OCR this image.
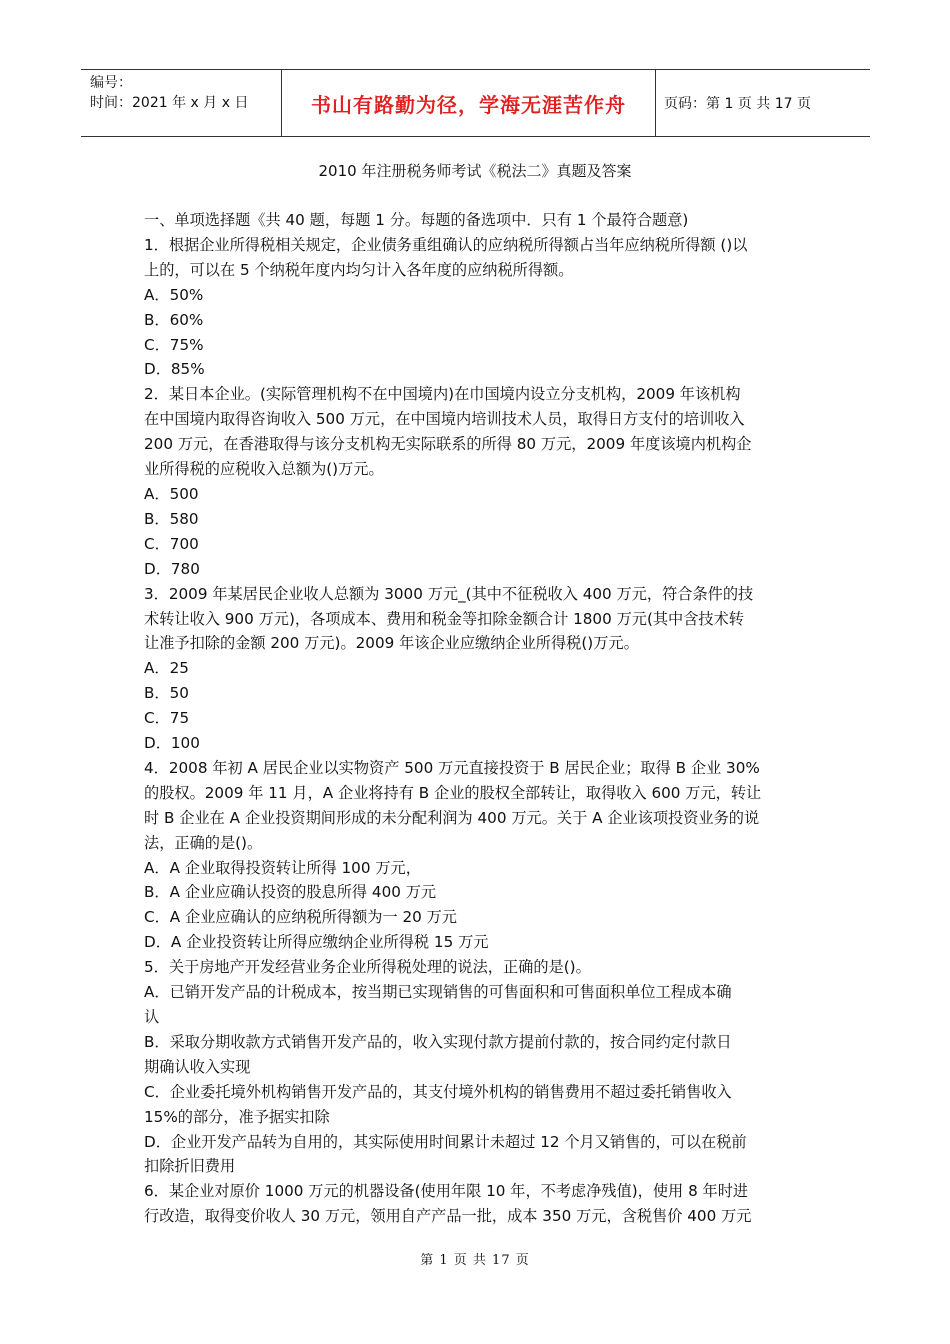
编号：
时间：2021 年 x 月 x 日	书山有路勤为径，学海无涯苦作舟	页码：第 1 页 共 17 页
2010 年注册税务师考试《税法二》真题及答案

一、单项选择题《共 40 题，每题 1 分。每题的备选项中．只有 1 个最符合题意)

1．根据企业所得税相关规定，企业债务重组确认的应纳税所得额占当年应纳税所得额 ()以

上的，可以在 5 个纳税年度内均匀计入各年度的应纳税所得额。

A．50%

B．60%

C．75%

D．85%

2．某日本企业。(实际管理机构不在中国境内)在巾国境内设立分支机构，2009 年该机构

在中国境内取得咨询收入 500 万元，在中国境内培训技术人员，取得日方支付的培训收入

200 万元，在香港取得与该分支机构无实际联系的所得 80 万元，2009 年度该境内机构企

业所得税的应税收入总额为()万元。

A．500

B．580

C．700

D．780

3．2009 年某居民企业收人总额为 3000 万元_(其中不征税收入 400 万元，符合条件的技

术转让收入 900 万元)，各项成本、费用和税金等扣除金额合计 1800 万元(其中含技术转

让准予扣除的金额 200 万元)。2009 年该企业应缴纳企业所得税()万元。

A．25

B．50

C．75

D．100

4．2008 年初 A 居民企业以实物资产 500 万元直接投资于 B 居民企业；取得 B 企业 30%

的股权。2009 年 11 月，A 企业将持有 B 企业的股权全部转让，取得收入 600 万元，转让

时 B 企业在 A 企业投资期间形成的未分配利润为 400 万元。关于 A 企业该项投资业务的说

法，正确的是()。

A．A 企业取得投资转让所得 100 万元，

B．A 企业应确认投资的股息所得 400 万元

C．A 企业应确认的应纳税所得额为一 20 万元

D．A 企业投资转让所得应缴纳企业所得税 15 万元

5．关于房地产开发经营业务企业所得税处理的说法，正确的是()。

A．已销开发产品的计税成本，按当期已实现销售的可售面积和可售面积单位工程成本确

认

B．采取分期收款方式销售开发产品的，收入实现付款方提前付款的，按合同约定付款日

期确认收入实现

C．企业委托境外机构销售开发产品的，其支付境外机构的销售费用不超过委托销售收入

15%的部分，准予据实扣除

D．企业开发产品转为自用的，其实际使用时间累计未超过 12 个月又销售的，可以在税前

扣除折旧费用

6．某企业对原价 1000 万元的机器设备(使用年限 10 年，不考虑净残值)，使用 8 年时进

行改造，取得变价收人 30 万元，领用自产产品一批，成本 350 万元，含税售价 400 万元

第 1 页 共 17 页
